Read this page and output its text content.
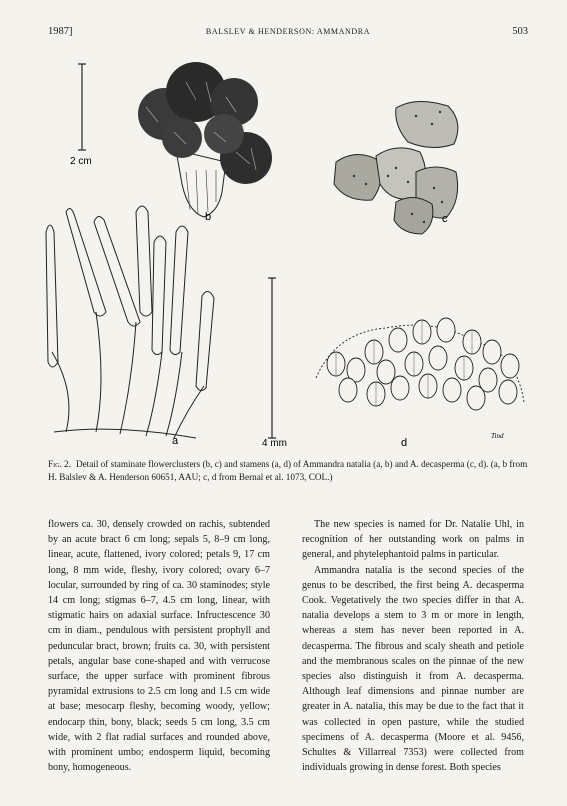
1987]	BALSLEV & HENDERSON: AMMANDRA	503
2 cm
b	c
a	4 mm	d
Tind
Fig. 2. Detail of staminate flowerclusters (b, c) and stamens (a, d) of Ammandra natalia (a, b) and A. decasperma (c, d). (a, b from H. Balslev & A. Henderson 60651, AAU; c, d from Bernal et al. 1073, COL.)

flowers ca. 30, densely crowded on rachis, subtended by an acute bract 6 cm long; sepals 5, 8–9 cm long, linear, acute, flattened, ivory colored; petals 9, 17 cm long, 8 mm wide, fleshy, ivory colored; ovary 6–7 locular, surrounded by ring of ca. 30 staminodes; style 14 cm long; stigmas 6–7, 4.5 cm long, linear, with stigmatic hairs on adaxial surface. Infructescence 30 cm in diam., pendulous with persistent prophyll and peduncular bract, brown; fruits ca. 30, with persistent petals, angular base cone-shaped and with verrucose surface, the upper surface with prominent fibrous pyramidal extrusions to 2.5 cm long and 1.5 cm wide at base; mesocarp fleshy, becoming woody, yellow; endocarp thin, bony, black; seeds 5 cm long, 3.5 cm wide, with 2 flat radial surfaces and rounded above, with prominent umbo; endosperm liquid, becoming bony, homogeneous.

The new species is named for Dr. Natalie Uhl, in recognition of her outstanding work on palms in general, and phytelephantoid palms in particular.

Ammandra natalia is the second species of the genus to be described, the first being A. decasperma Cook. Vegetatively the two species differ in that A. natalia develops a stem to 3 m or more in length, whereas a stem has never been reported in A. decasperma. The fibrous and scaly sheath and petiole and the membranous scales on the pinnae of the new species also distinguish it from A. decasperma. Although leaf dimensions and pinnae number are greater in A. natalia, this may be due to the fact that it was collected in open pasture, while the studied specimens of A. decasperma (Moore et al. 9456, Schultes & Villarreal 7353) were collected from individuals growing in dense forest. Both species
